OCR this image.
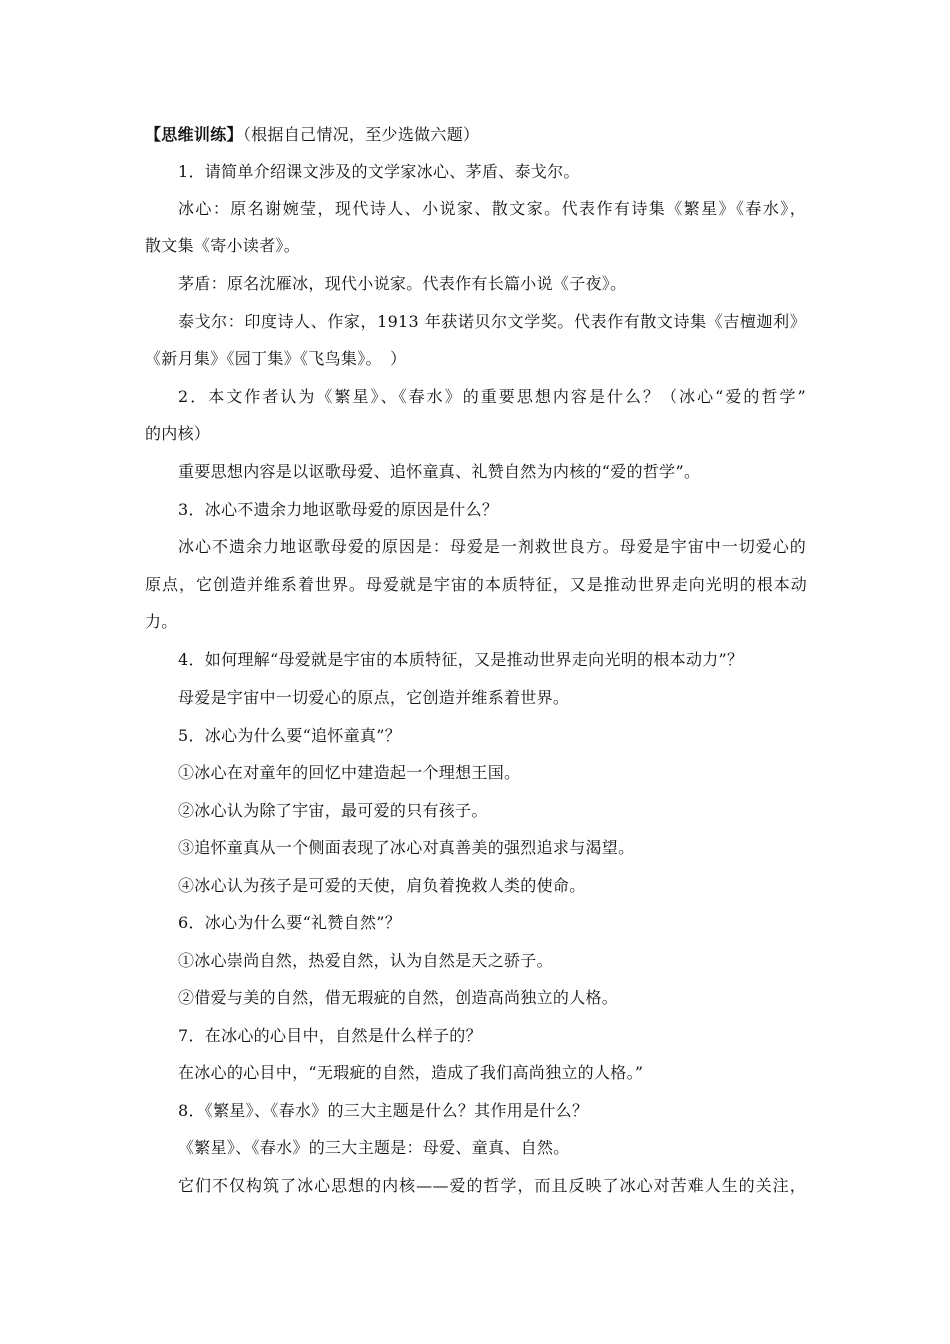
【思维训练】（根据自己情况，至少选做六题）
1．请简单介绍课文涉及的文学家冰心、茅盾、泰戈尔。
冰心：原名谢婉莹，现代诗人、小说家、散文家。代表作有诗集《繁星》《春水》，
散文集《寄小读者》。
茅盾：原名沈雁冰，现代小说家。代表作有长篇小说《子夜》。
泰戈尔：印度诗人、作家，1913 年获诺贝尔文学奖。代表作有散文诗集《吉檀迦利》
《新月集》《园丁集》《飞鸟集》。　）
2．本文作者认为《繁星》、《春水》的重要思想内容是什么？（冰心“爱的哲学”
的内核）
重要思想内容是以讴歌母爱、追怀童真、礼赞自然为内核的“爱的哲学”。
3．冰心不遗余力地讴歌母爱的原因是什么？
冰心不遗余力地讴歌母爱的原因是：母爱是一剂救世良方。母爱是宇宙中一切爱心的
原点，它创造并维系着世界。母爱就是宇宙的本质特征，又是推动世界走向光明的根本动
力。
4．如何理解“母爱就是宇宙的本质特征，又是推动世界走向光明的根本动力”？
母爱是宇宙中一切爱心的原点，它创造并维系着世界。
5．冰心为什么要“追怀童真”？
①冰心在对童年的回忆中建造起一个理想王国。
②冰心认为除了宇宙，最可爱的只有孩子。
③追怀童真从一个侧面表现了冰心对真善美的强烈追求与渴望。
④冰心认为孩子是可爱的天使，肩负着挽救人类的使命。
6．冰心为什么要“礼赞自然”？
①冰心崇尚自然，热爱自然，认为自然是天之骄子。
②借爱与美的自然，借无瑕疵的自然，创造高尚独立的人格。
7．在冰心的心目中，自然是什么样子的？
在冰心的心目中，“无瑕疵的自然，造成了我们高尚独立的人格。”
8．《繁星》、《春水》的三大主题是什么？其作用是什么？
《繁星》、《春水》的三大主题是：母爱、童真、自然。
它们不仅构筑了冰心思想的内核——爱的哲学，而且反映了冰心对苦难人生的关注，
